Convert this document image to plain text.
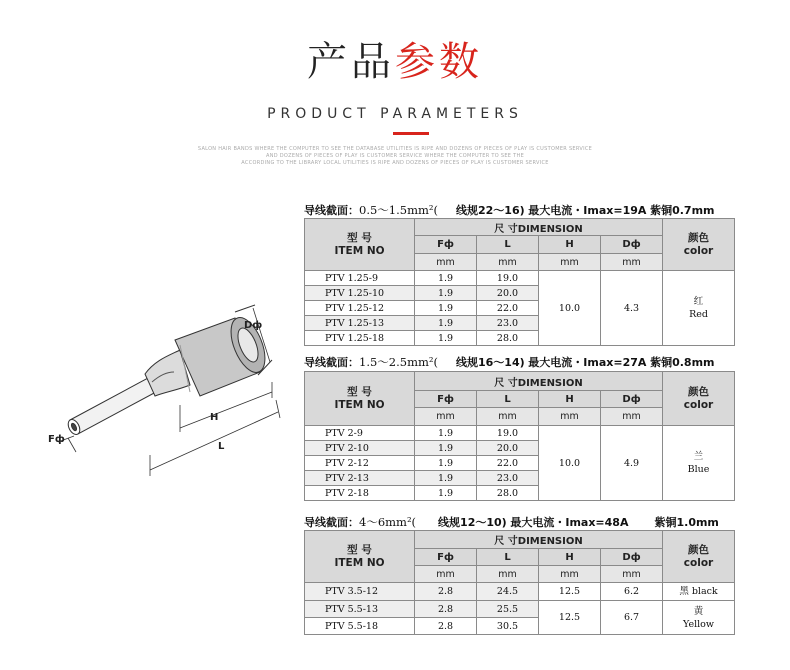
产品参数
PRODUCT PARAMETERS
SALON HAIR BANDS WHERE THE COMPUTER TO SEE THE DATABASE UTILITIES IS RIPE AND DOZENS OF PIECES OF PLAY IS CUSTOMER SERVICE
AND DOZENS OF PIECES OF PLAY IS CUSTOMER SERVICE WHERE THE COMPUTER TO SEE THE
ACCORDING TO THE LIBRARY LOCAL UTILITIES IS RIPE AND DOZENS OF PIECES OF PLAY IS CUSTOMER SERVICE
Dф
H
L
Fф
导线截面：0.5～1.5mm²( 线规22～16) 最大电流・Imax=19A 紫铜0.7mm
型 号
ITEM NO	尺 寸DIMENSION				颜色
color
	Fф	L	H	Dф	
	mm	mm	mm	mm	
PTV 1.25-9	1.9	19.0	10.0	4.3	红
Red
PTV 1.25-10	1.9	20.0			
PTV 1.25-12	1.9	22.0			
PTV 1.25-13	1.9	23.0			
PTV 1.25-18	1.9	28.0			
导线截面：1.5～2.5mm²( 线规16～14) 最大电流・Imax=27A 紫铜0.8mm
型 号
ITEM NO	尺 寸DIMENSION				颜色
color
	Fф	L	H	Dф	
	mm	mm	mm	mm	
PTV 2-9	1.9	19.0	10.0	4.9	兰
Blue
PTV 2-10	1.9	20.0			
PTV 2-12	1.9	22.0			
PTV 2-13	1.9	23.0			
PTV 2-18	1.9	28.0			
导线截面：4～6mm²( 线规12～10) 最大电流・Imax=48A 紫铜1.0mm
型 号
ITEM NO	尺 寸DIMENSION				颜色
color
	Fф	L	H	Dф	
	mm	mm	mm	mm	
PTV 3.5-12	2.8	24.5	12.5	6.2	黑 black
PTV 5.5-13	2.8	25.5	12.5	6.7	黄
Yellow
PTV 5.5-18	2.8	30.5			
